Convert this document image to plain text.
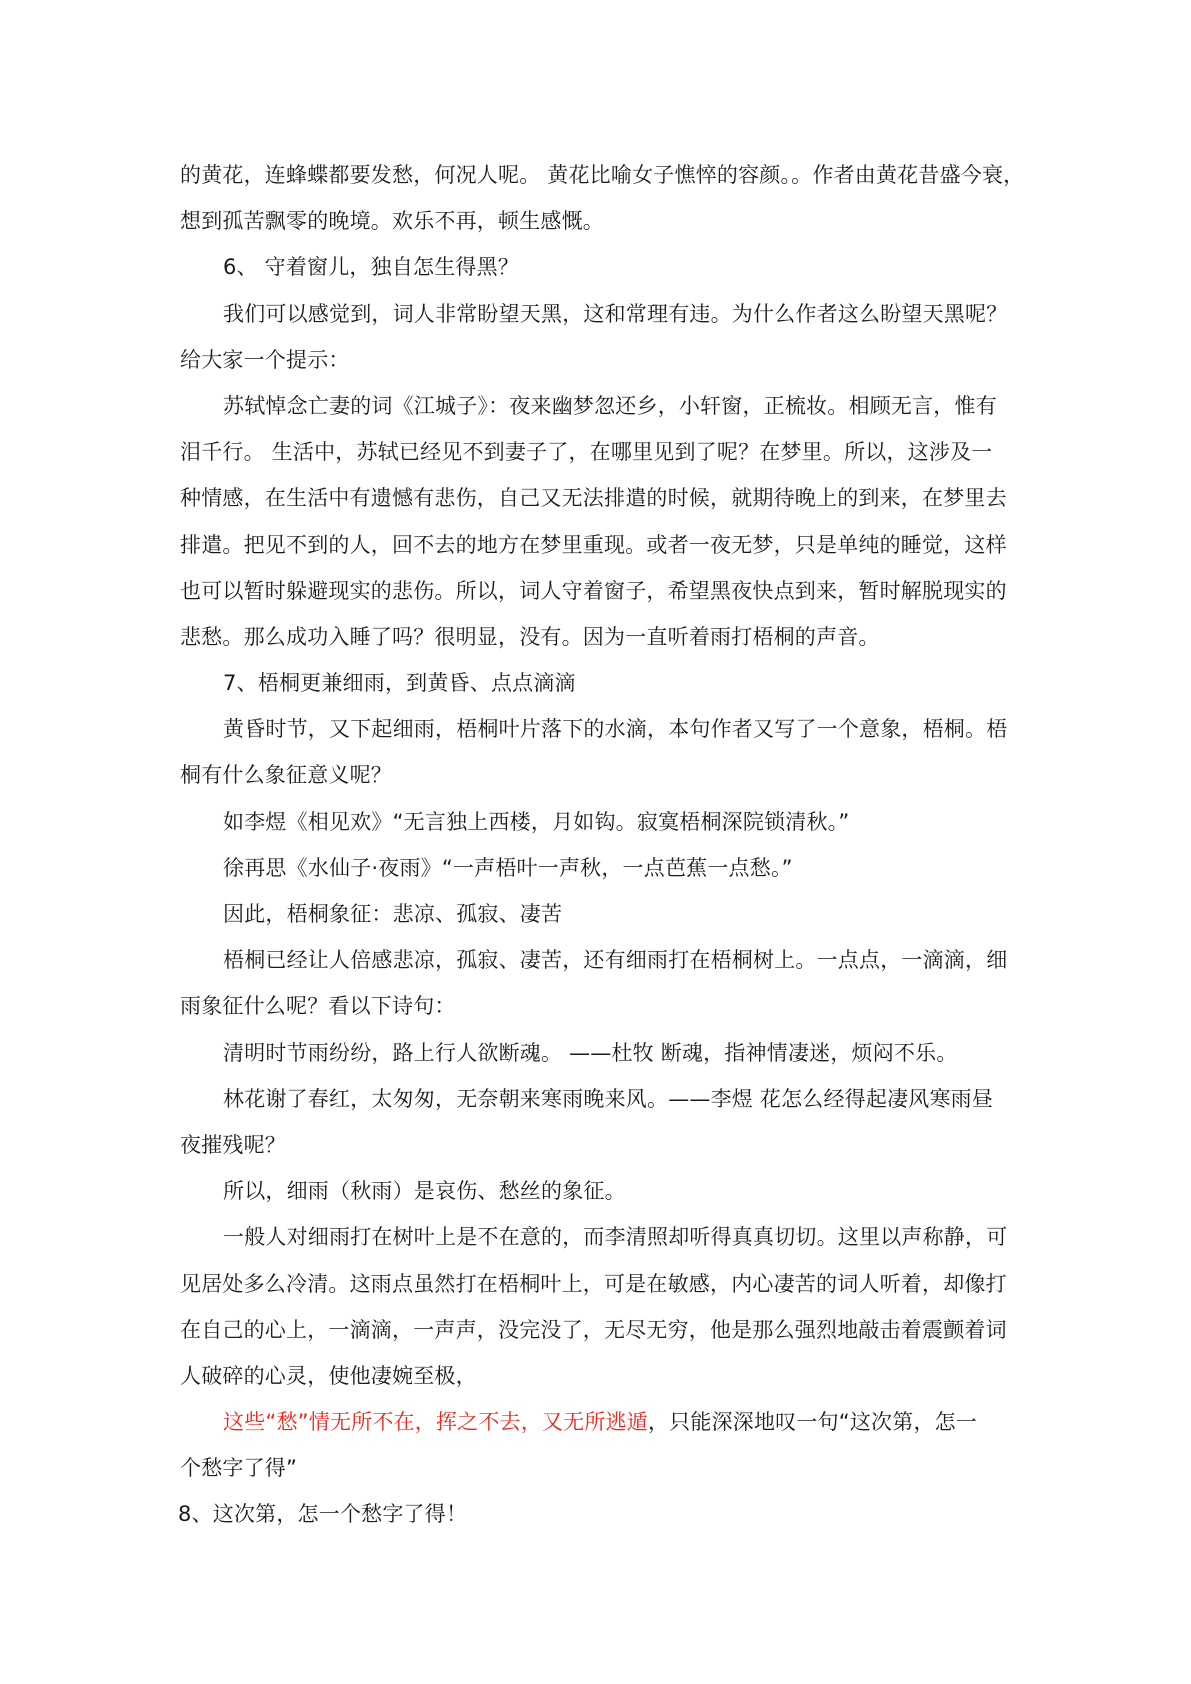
的黄花，连蜂蝶都要发愁，何况人呢。 黄花比喻女子憔悴的容颜。。作者由黄花昔盛今衰，
想到孤苦飘零的晚境。欢乐不再，顿生感慨。
6、 守着窗儿，独自怎生得黑？
我们可以感觉到，词人非常盼望天黑，这和常理有违。为什么作者这么盼望天黑呢？
给大家一个提示：
苏轼悼念亡妻的词《江城子》：夜来幽梦忽还乡，小轩窗，正梳妆。相顾无言，惟有
泪千行。 生活中，苏轼已经见不到妻子了，在哪里见到了呢？在梦里。所以，这涉及一
种情感，在生活中有遗憾有悲伤，自己又无法排遣的时候，就期待晚上的到来，在梦里去
排遣。把见不到的人，回不去的地方在梦里重现。或者一夜无梦，只是单纯的睡觉，这样
也可以暂时躲避现实的悲伤。所以，词人守着窗子，希望黑夜快点到来，暂时解脱现实的
悲愁。那么成功入睡了吗？很明显，没有。因为一直听着雨打梧桐的声音。
7、梧桐更兼细雨，到黄昏、点点滴滴
黄昏时节，又下起细雨，梧桐叶片落下的水滴，本句作者又写了一个意象，梧桐。梧
桐有什么象征意义呢？
如李煜《相见欢》“无言独上西楼，月如钩。寂寞梧桐深院锁清秋。”
徐再思《水仙子·夜雨》“一声梧叶一声秋，一点芭蕉一点愁。”
因此，梧桐象征：悲凉、孤寂、凄苦
梧桐已经让人倍感悲凉，孤寂、凄苦，还有细雨打在梧桐树上。一点点，一滴滴，细
雨象征什么呢？看以下诗句：
清明时节雨纷纷，路上行人欲断魂。 ——杜牧 断魂，指神情凄迷，烦闷不乐。
林花谢了春红，太匆匆，无奈朝来寒雨晚来风。——李煜 花怎么经得起凄风寒雨昼
夜摧残呢？
所以，细雨（秋雨）是哀伤、愁丝的象征。
一般人对细雨打在树叶上是不在意的，而李清照却听得真真切切。这里以声称静，可
见居处多么冷清。这雨点虽然打在梧桐叶上，可是在敏感，内心凄苦的词人听着，却像打
在自己的心上，一滴滴，一声声，没完没了，无尽无穷，他是那么强烈地敲击着震颤着词
人破碎的心灵，使他凄婉至极，
这些“愁”情无所不在，挥之不去，又无所逃遁，只能深深地叹一句“这次第，怎一
个愁字了得”
8、这次第，怎一个愁字了得！
